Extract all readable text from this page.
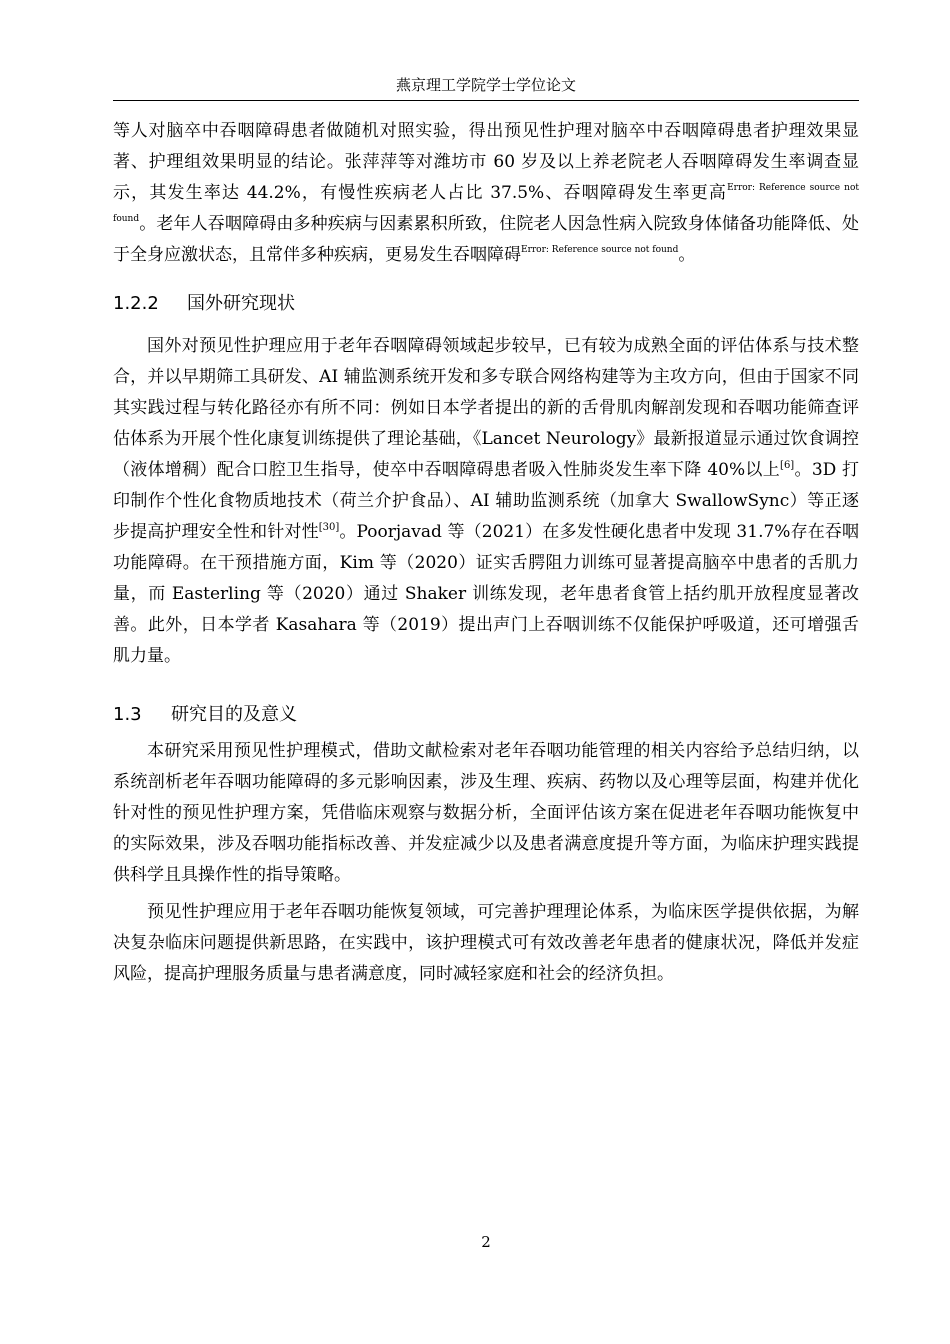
燕京理工学院学士学位论文

等人对脑卒中吞咽障碍患者做随机对照实验，得出预见性护理对脑卒中吞咽障碍患者护理效果显著、护理组效果明显的结论。张萍萍等对潍坊市 60 岁及以上养老院老人吞咽障碍发生率调查显示，其发生率达 44.2%，有慢性疾病老人占比 37.5%、吞咽障碍发生率更高$^{Error: Reference source not found}$。老年人吞咽障碍由多种疾病与因素累积所致，住院老人因急性病入院致身体储备功能降低、处于全身应激状态，且常伴多种疾病，更易发生吞咽障碍$^{Error: Reference source not found}$。

1.2.2 国外研究现状

国外对预见性护理应用于老年吞咽障碍领域起步较早，已有较为成熟全面的评估体系与技术整合，并以早期筛工具研发、AI 辅监测系统开发和多专联合网络构建等为主攻方向，但由于国家不同其实践过程与转化路径亦有所不同：例如日本学者提出的新的舌骨肌肉解剖发现和吞咽功能筛查评估体系为开展个性化康复训练提供了理论基础，《Lancet Neurology》最新报道显示通过饮食调控（液体增稠）配合口腔卫生指导，使卒中吞咽障碍患者吸入性肺炎发生率下降 40%以上[6]。3D 打印制作个性化食物质地技术（荷兰介护食品）、AI 辅助监测系统（加拿大 SwallowSync）等正逐步提高护理安全性和针对性[30]。Poorjavad 等（2021）在多发性硬化患者中发现 31.7%存在吞咽功能障碍。在干预措施方面，Kim 等（2020）证实舌腭阻力训练可显著提高脑卒中患者的舌肌力量，而 Easterling 等（2020）通过 Shaker 训练发现，老年患者食管上括约肌开放程度显著改善。此外，日本学者 Kasahara 等（2019）提出声门上吞咽训练不仅能保护呼吸道，还可增强舌肌力量。

1.3 研究目的及意义

本研究采用预见性护理模式，借助文献检索对老年吞咽功能管理的相关内容给予总结归纳，以系统剖析老年吞咽功能障碍的多元影响因素，涉及生理、疾病、药物以及心理等层面，构建并优化针对性的预见性护理方案，凭借临床观察与数据分析，全面评估该方案在促进老年吞咽功能恢复中的实际效果，涉及吞咽功能指标改善、并发症减少以及患者满意度提升等方面，为临床护理实践提供科学且具操作性的指导策略。

预见性护理应用于老年吞咽功能恢复领域，可完善护理理论体系，为临床医学提供依据，为解决复杂临床问题提供新思路，在实践中，该护理模式可有效改善老年患者的健康状况，降低并发症风险，提高护理服务质量与患者满意度，同时减轻家庭和社会的经济负担。

2
